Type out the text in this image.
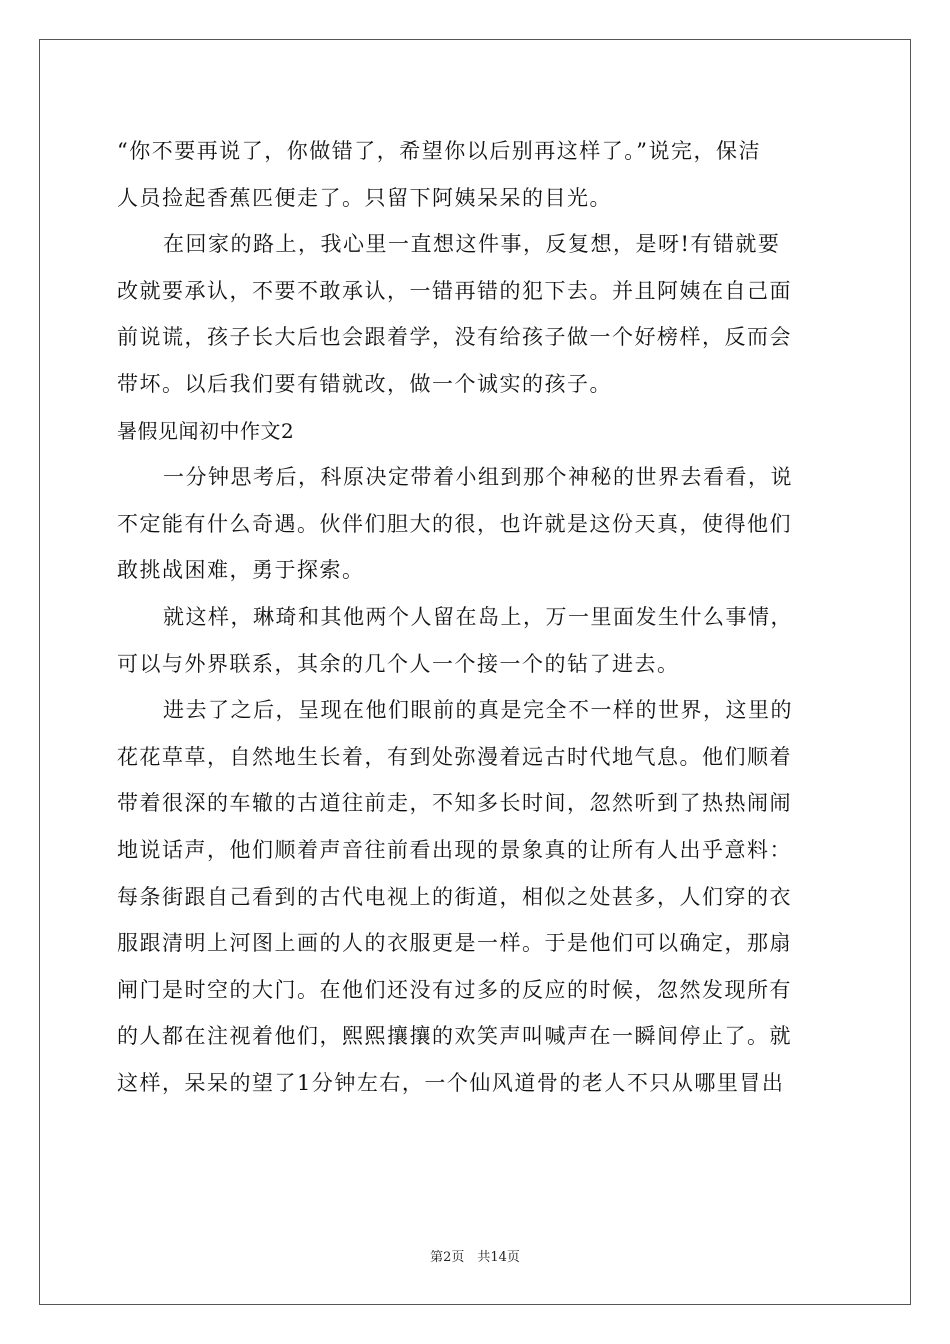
“你不要再说了，你做错了，希望你以后别再这样了。”说完，保洁
人员捡起香蕉匹便走了。只留下阿姨呆呆的目光。
在回家的路上，我心里一直想这件事，反复想，是呀!有错就要
改就要承认，不要不敢承认，一错再错的犯下去。并且阿姨在自己面
前说谎，孩子长大后也会跟着学，没有给孩子做一个好榜样，反而会
带坏。以后我们要有错就改，做一个诚实的孩子。
暑假见闻初中作文2
一分钟思考后，科原决定带着小组到那个神秘的世界去看看，说
不定能有什么奇遇。伙伴们胆大的很，也许就是这份天真，使得他们
敢挑战困难，勇于探索。
就这样，琳琦和其他两个人留在岛上，万一里面发生什么事情，
可以与外界联系，其余的几个人一个接一个的钻了进去。
进去了之后，呈现在他们眼前的真是完全不一样的世界，这里的
花花草草，自然地生长着，有到处弥漫着远古时代地气息。他们顺着
带着很深的车辙的古道往前走，不知多长时间，忽然听到了热热闹闹
地说话声，他们顺着声音往前看出现的景象真的让所有人出乎意料：
每条街跟自己看到的古代电视上的街道，相似之处甚多，人们穿的衣
服跟清明上河图上画的人的衣服更是一样。于是他们可以确定，那扇
闸门是时空的大门。在他们还没有过多的反应的时候，忽然发现所有
的人都在注视着他们，熙熙攘攘的欢笑声叫喊声在一瞬间停止了。就
这样，呆呆的望了1分钟左右，一个仙风道骨的老人不只从哪里冒出
第2页　共14页
